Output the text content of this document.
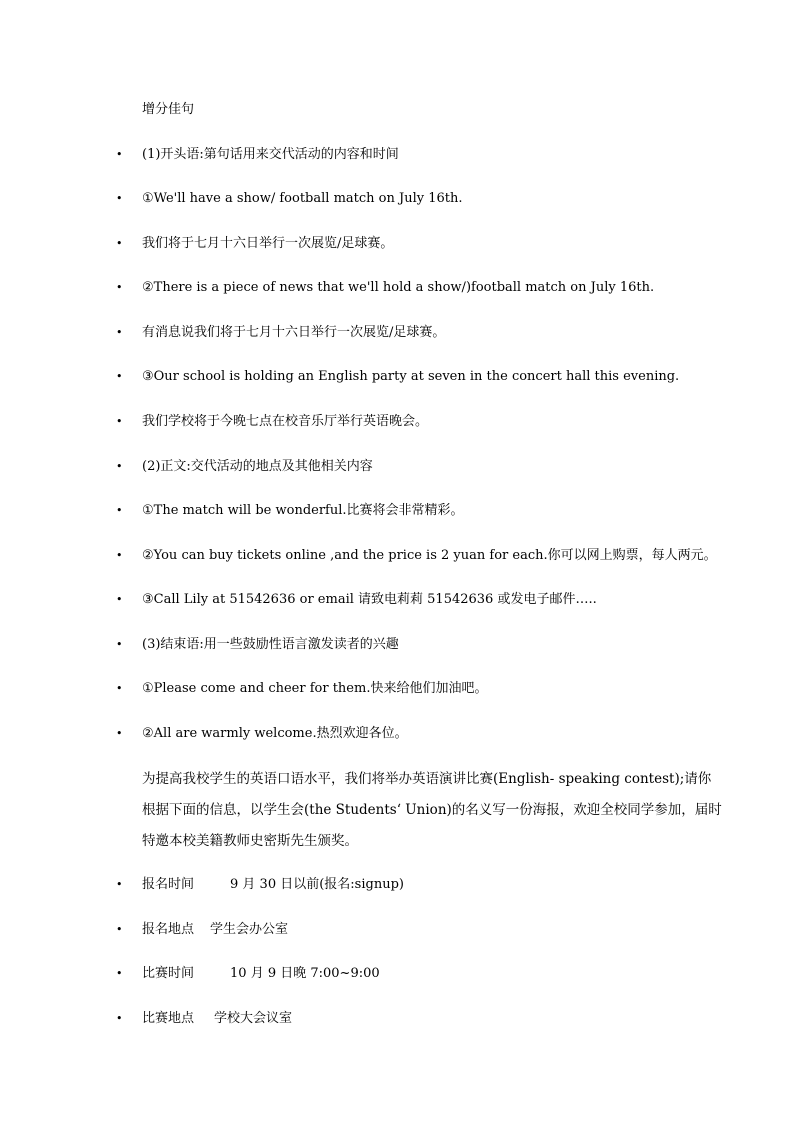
增分佳句
• (1)开头语:第句话用来交代活动的内容和时间
• ①We'll have a show/ football match on July 16th.
• 我们将于七月十六日举行一次展览/足球赛。
• ②There is a piece of news that we'll hold a show/)football match on July 16th.
• 有消息说我们将于七月十六日举行一次展览/足球赛。
• ③Our school is holding an English party at seven in the concert hall this evening.
• 我们学校将于今晚七点在校音乐厅举行英语晚会。
• (2)正文:交代活动的地点及其他相关内容
• ①The match will be wonderful.比赛将会非常精彩。
• ②You can buy tickets online ,and the price is 2 yuan for each.你可以网上购票，每人两元。
• ③Call Lily at 51542636 or email 请致电莉莉 51542636 或发电子邮件…..
• (3)结束语:用一些鼓励性语言激发读者的兴趣
• ①Please come and cheer for them.快来给他们加油吧。
• ②All are warmly welcome.热烈欢迎各位。
为提高我校学生的英语口语水平，我们将举办英语演讲比赛(English- speaking contest);请你根据下面的信息，以学生会(the Students‘ Union)的名义写一份海报，欢迎全校同学参加，届时特邀本校美籍教师史密斯先生颁奖。
• 报名时间	9 月 30 日以前(报名:signup)
• 报名地点 学生会办公室
• 比赛时间	10 月 9 日晚 7:00~9:00
• 比赛地点 学校大会议室
